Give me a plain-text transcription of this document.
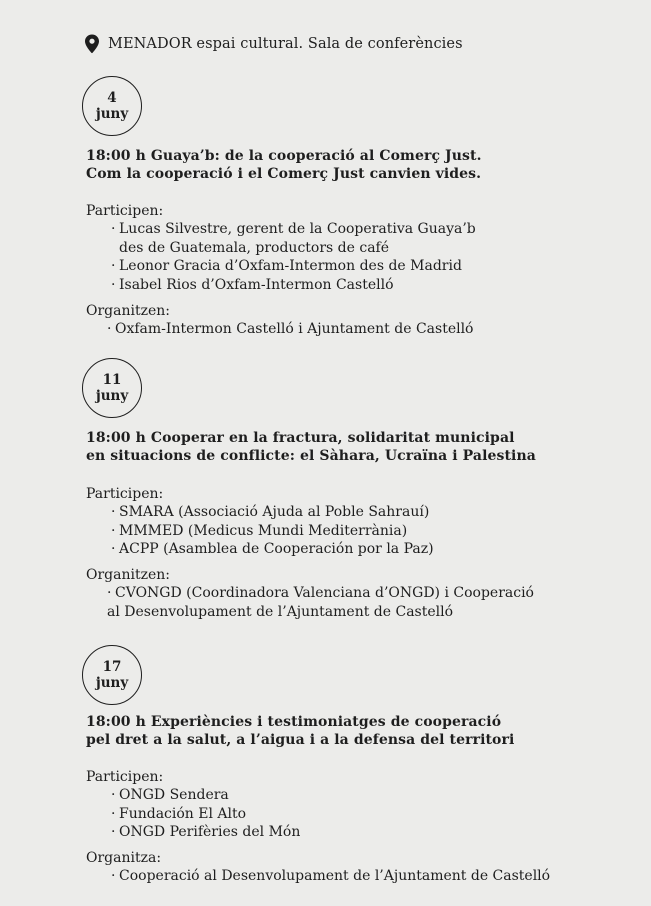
MENADOR espai cultural. Sala de conferències
4
juny
18:00 h Guaya’b: de la cooperació al Comerç Just.
Com la cooperació i el Comerç Just canvien vides.
Participen:
· Lucas Silvestre, gerent de la Cooperativa Guaya’b
des de Guatemala, productors de café
· Leonor Gracia d’Oxfam-Intermon des de Madrid
· Isabel Rios d’Oxfam-Intermon Castelló
Organitzen:
· Oxfam-Intermon Castelló i Ajuntament de Castelló
11
juny
18:00 h Cooperar en la fractura, solidaritat municipal
en situacions de conflicte: el Sàhara, Ucraïna i Palestina
Participen:
· SMARA (Associació Ajuda al Poble Sahrauí)
· MMMED (Medicus Mundi Mediterrània)
· ACPP (Asamblea de Cooperación por la Paz)
Organitzen:
· CVONGD (Coordinadora Valenciana d’ONGD) i Cooperació
al Desenvolupament de l’Ajuntament de Castelló
17
juny
18:00 h Experiències i testimoniatges de cooperació
pel dret a la salut, a l’aigua i a la defensa del territori
Participen:
· ONGD Sendera
· Fundación El Alto
· ONGD Perifèries del Món
Organitza:
· Cooperació al Desenvolupament de l’Ajuntament de Castelló
